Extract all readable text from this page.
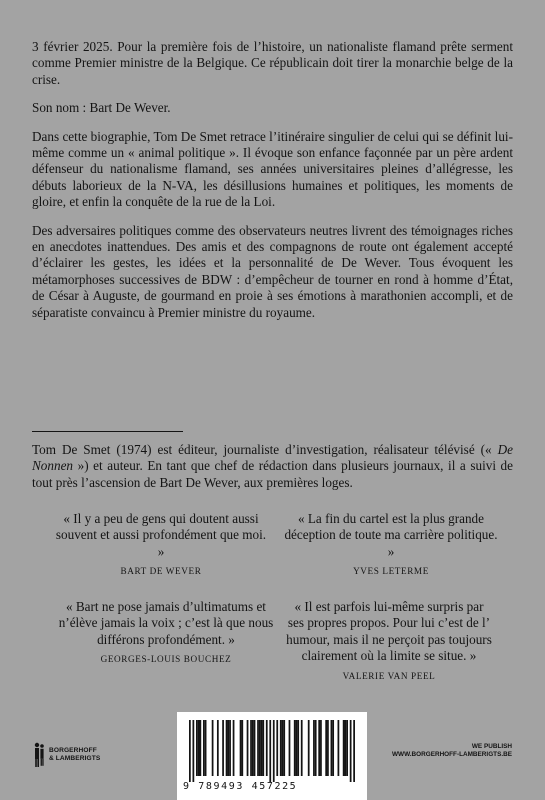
3 février 2025. Pour la première fois de l’histoire, un nationaliste flamand prête serment comme Premier ministre de la Belgique. Ce républicain doit tirer la monarchie belge de la crise.

Son nom : Bart De Wever.

Dans cette biographie, Tom De Smet retrace l’itinéraire singulier de celui qui se définit lui-même comme un « animal politique ». Il évoque son enfance façonnée par un père ardent défenseur du nationalisme flamand, ses années universitaires pleines d’allégresse, les débuts laborieux de la N-VA, les désillusions humaines et politiques, les moments de gloire, et enfin la conquête de la rue de la Loi.

Des adversaires politiques comme des observateurs neutres livrent des témoignages riches en anecdotes inattendues. Des amis et des compagnons de route ont également accepté d’éclairer les gestes, les idées et la personnalité de De Wever. Tous évoquent les métamorphoses successives de BDW : d’empêcheur de tourner en rond à homme d’État, de César à Auguste, de gourmand en proie à ses émotions à marathonien accompli, et de séparatiste convaincu à Premier ministre du royaume.

Tom De Smet (1974) est éditeur, journaliste d’investigation, réalisateur télévisé (« De Nonnen ») et auteur. En tant que chef de rédaction dans plusieurs journaux, il a suivi de tout près l’ascension de Bart De Wever, aux premières loges.
« Il y a peu de gens qui doutent aussi souvent et aussi profondément que moi. »
BART DE WEVER
« La fin du cartel est la plus grande déception de toute ma carrière politique. »
YVES LETERME
« Bart ne pose jamais d’ultimatums et n’élève jamais la voix ; c’est là que nous différons profondément. »
GEORGES-LOUIS BOUCHEZ
« Il est parfois lui-même surpris par ses propres propos. Pour lui c’est de l’ humour, mais il ne perçoit pas toujours clairement où la limite se situe. »
VALERIE VAN PEEL
BORGERHOFF
& LAMBERIGTS
9 789493 457225
WE PUBLISH
WWW.BORGERHOFF-LAMBERIGTS.BE
